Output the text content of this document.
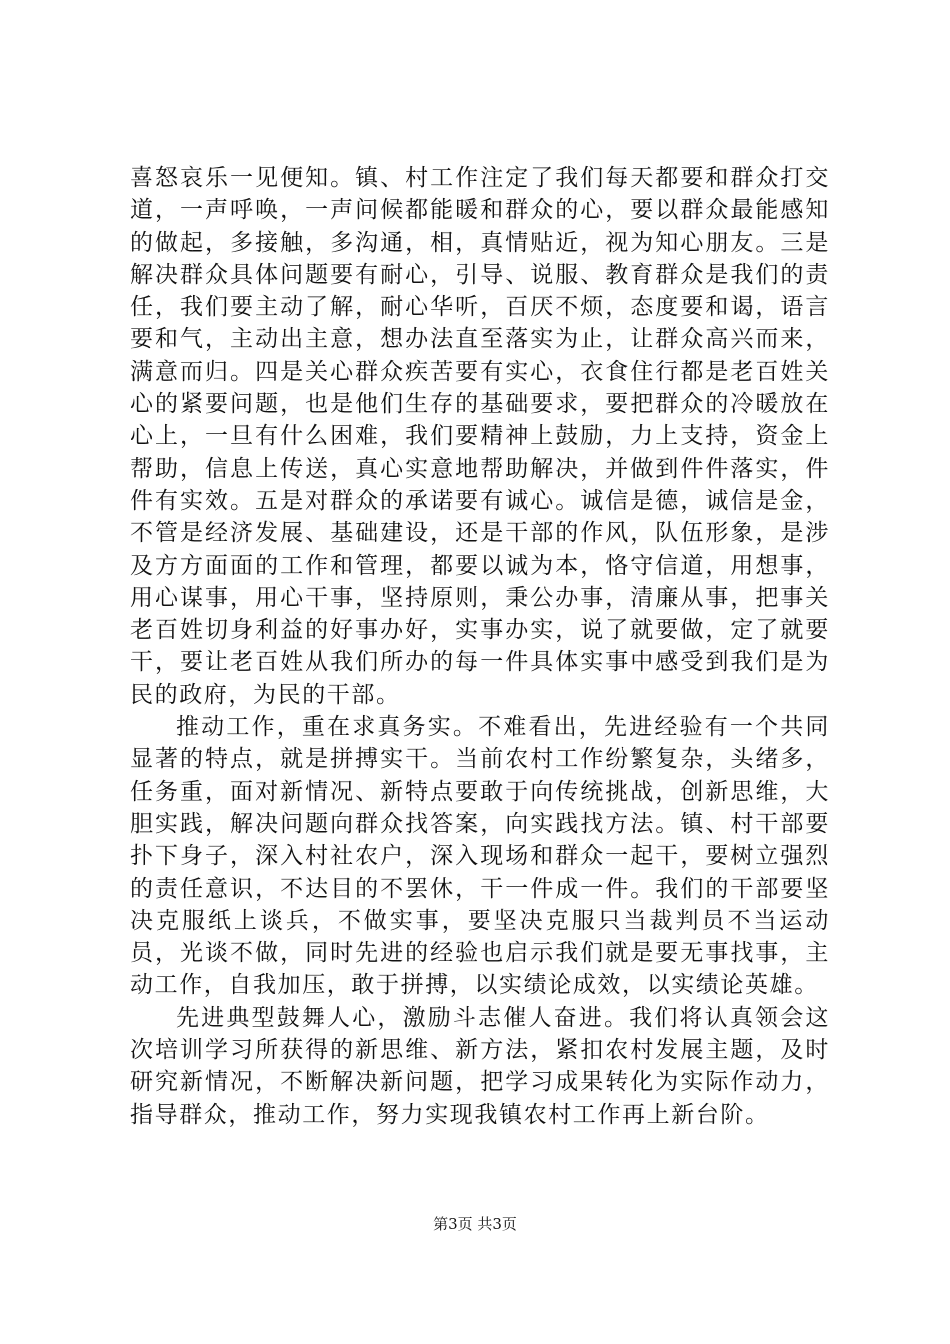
喜怒哀乐一见便知。镇、村工作注定了我们每天都要和群众打交道，一声呼唤，一声问候都能暖和群众的心，要以群众最能感知的做起，多接触，多沟通，相，真情贴近，视为知心朋友。三是解决群众具体问题要有耐心，引导、说服、教育群众是我们的责任，我们要主动了解，耐心华听，百厌不烦，态度要和谒，语言要和气，主动出主意，想办法直至落实为止，让群众高兴而来，满意而归。四是关心群众疾苦要有实心，衣食住行都是老百姓关心的紧要问题，也是他们生存的基础要求，要把群众的冷暖放在心上，一旦有什么困难，我们要精神上鼓励，力上支持，资金上帮助，信息上传送，真心实意地帮助解决，并做到件件落实，件件有实效。五是对群众的承诺要有诚心。诚信是德，诚信是金，不管是经济发展、基础建设，还是干部的作风，队伍形象，是涉及方方面面的工作和管理，都要以诚为本，恪守信道，用想事，用心谋事，用心干事，坚持原则，秉公办事，清廉从事，把事关老百姓切身利益的好事办好，实事办实，说了就要做，定了就要干，要让老百姓从我们所办的每一件具体实事中感受到我们是为民的政府，为民的干部。

推动工作，重在求真务实。不难看出，先进经验有一个共同显著的特点，就是拼搏实干。当前农村工作纷繁复杂，头绪多，任务重，面对新情况、新特点要敢于向传统挑战，创新思维，大胆实践，解决问题向群众找答案，向实践找方法。镇、村干部要扑下身子，深入村社农户，深入现场和群众一起干，要树立强烈的责任意识，不达目的不罢休，干一件成一件。我们的干部要坚决克服纸上谈兵，不做实事，要坚决克服只当裁判员不当运动员，光谈不做，同时先进的经验也启示我们就是要无事找事，主动工作，自我加压，敢于拼搏，以实绩论成效，以实绩论英雄。

先进典型鼓舞人心，激励斗志催人奋进。我们将认真领会这次培训学习所获得的新思维、新方法，紧扣农村发展主题，及时研究新情况，不断解决新问题，把学习成果转化为实际作动力，指导群众，推动工作，努力实现我镇农村工作再上新台阶。

第3页 共3页
